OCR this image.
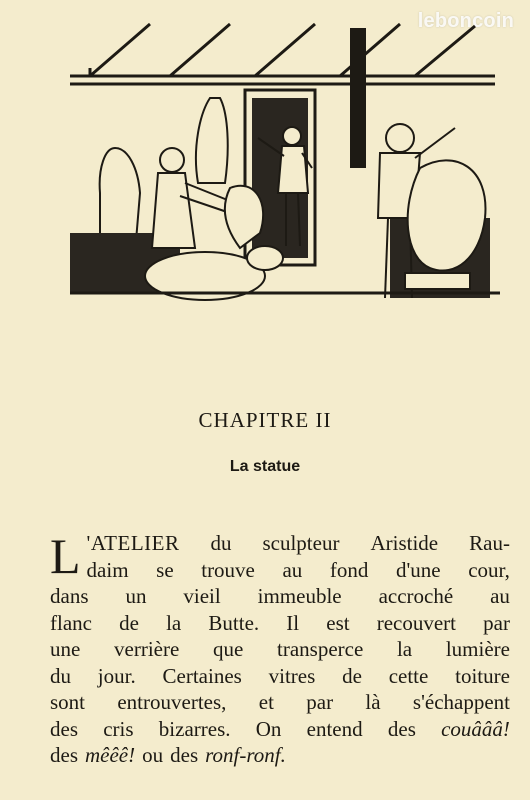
leboncoin
CHAPITRE II
La statue
L 'ATELIER du sculpteur Aristide Rau-
daim se trouve au fond d'une cour,
dans un vieil immeuble accroché au
flanc de la Butte. Il est recouvert par
une verrière que transperce la lumière
du jour. Certaines vitres de cette toiture
sont entrouvertes, et par là s'échappent
des cris bizarres. On entend des couâââ!
des mêêê! ou des ronf-ronf.
